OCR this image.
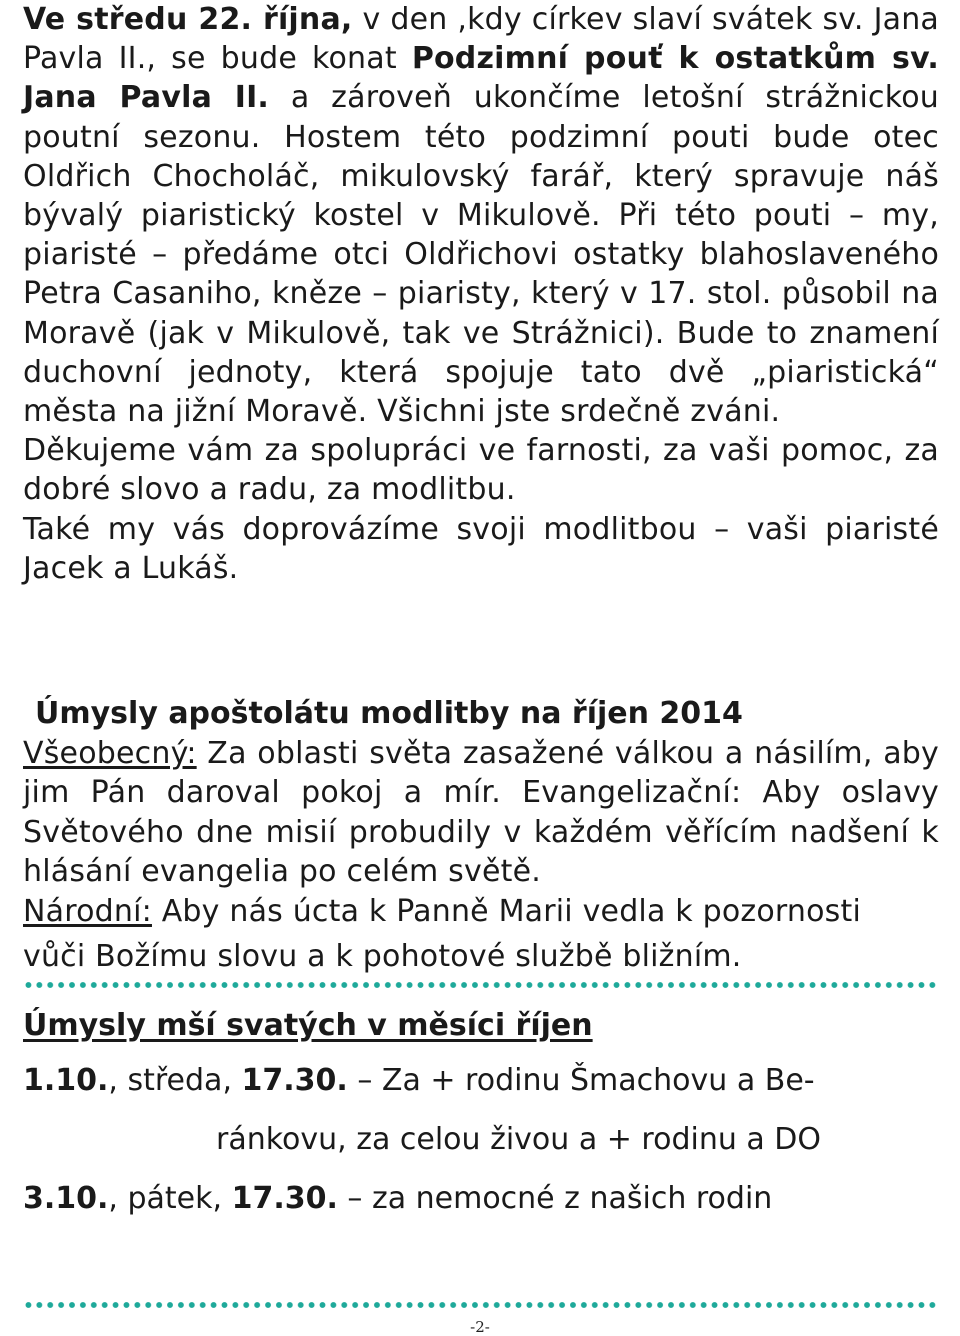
Ve středu 22. října, v den ,kdy církev slaví svátek sv. Jana Pavla II., se bude konat Podzimní pouť k ostatkům sv. Jana Pavla II. a zároveň ukončíme letošní strážnickou poutní sezonu. Hostem této podzimní pouti bude otec Oldřich Chocholáč, mikulovský farář, který spravuje náš bývalý piaristický kostel v Mikulově. Při této pouti – my, piaristé – předáme otci Oldřichovi ostatky blahoslaveného Petra Casaniho, kněze – piaristy, který v 17. stol. působil na Moravě (jak v Mikulově, tak ve Strážnici). Bude to znamení duchovní jednoty, která spojuje tato dvě „piaristická“ města na jižní Moravě. Všichni jste srdečně zváni.

Děkujeme vám za spolupráci ve farnosti, za vaši pomoc, za dobré slovo a radu, za modlitbu.

Také my vás doprovázíme svoji modlitbou – vaši piaristé Jacek a Lukáš.

Úmysly apoštolátu modlitby na říjen 2014

Všeobecný: Za oblasti světa zasažené válkou a násilím, aby jim Pán daroval pokoj a mír. Evangelizační: Aby oslavy Světového dne misií probudily v každém věřícím nadšení k hlásání evangelia po celém světě.

Národní: Aby nás úcta k Panně Marii vedla k pozornosti
vůči Božímu slovu a k pohotové službě bližním.

Úmysly mší svatých v měsíci říjen
1.10., středa, 17.30. – Za + rodinu Šmachovu a Be-
ránkovu, za celou živou a + rodinu a DO
3.10., pátek, 17.30. – za nemocné z našich rodin
-2-
